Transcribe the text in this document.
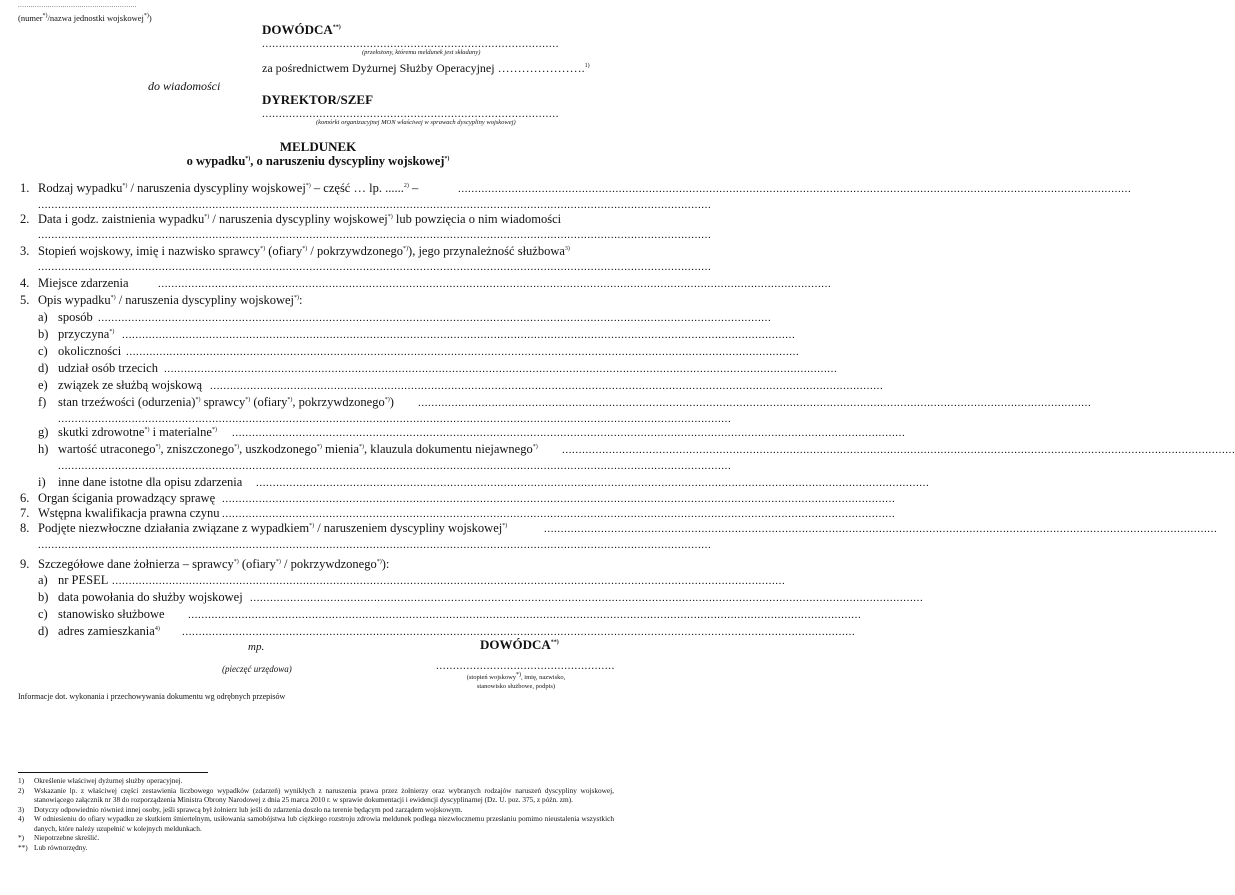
........................................................
(numer*)/nazwa jednostki wojskowej*))
DOWÓDCA**)
........................................................................................
(przełożony, któremu meldunek jest składany)
za pośrednictwem Dyżurnej Służby Operacyjnej ………………….$^{1)}$
do wiadomości
DYREKTOR/SZEF
........................................................................................
(komórki organizacyjnej MON właściwej w sprawach dyscypliny wojskowej)
MELDUNEK
o wypadku*), o naruszeniu dyscypliny wojskowej*)
1. Rodzaj wypadku*) / naruszenia dyscypliny wojskowej*) – część … lp. ......$^{2)}$ –	.........................................................................................................................................................................................................
.........................................................................................................................................................................................................
2. Data i godz. zaistnienia wypadku*) / naruszenia dyscypliny wojskowej*) lub powzięcia o nim wiadomości
.........................................................................................................................................................................................................
3. Stopień wojskowy, imię i nazwisko sprawcy*) (ofiary*) / pokrzywdzonego*)), jego przynależność służbowa$^{3)}$
.........................................................................................................................................................................................................
4. Miejsce zdarzenia	.........................................................................................................................................................................................................
5. Opis wypadku*) / naruszenia dyscypliny wojskowej*):
a) sposób .........................................................................................................................................................................................................
b) przyczyna*) .........................................................................................................................................................................................................
c) okoliczności .........................................................................................................................................................................................................
d) udział osób trzecich .........................................................................................................................................................................................................
e) związek ze służbą wojskową .........................................................................................................................................................................................................
f) stan trzeźwości (odurzenia)*) sprawcy*) (ofiary*), pokrzywdzonego*)) .........................................................................................................................................................................................................
.........................................................................................................................................................................................................
g) skutki zdrowotne*) i materialne*) .........................................................................................................................................................................................................
h) wartość utraconego*), zniszczonego*), uszkodzonego*) mienia*), klauzula dokumentu niejawnego*) .........................................................................................................................................................................................................
.........................................................................................................................................................................................................
i) inne dane istotne dla opisu zdarzenia .........................................................................................................................................................................................................
6. Organ ścigania prowadzący sprawę .........................................................................................................................................................................................................
7. Wstępna kwalifikacja prawna czynu .........................................................................................................................................................................................................
8. Podjęte niezwłoczne działania związane z wypadkiem*) / naruszeniem dyscypliny wojskowej*)	.........................................................................................................................................................................................................
.........................................................................................................................................................................................................
9. Szczegółowe dane żołnierza – sprawcy*) (ofiary*) / pokrzywdzonego*)):
a) nr PESEL .........................................................................................................................................................................................................
b) data powołania do służby wojskowej .........................................................................................................................................................................................................
c) stanowisko służbowe .........................................................................................................................................................................................................
d) adres zamieszkania$^{4)}$ .........................................................................................................................................................................................................
mp.	DOWÓDCA**)
(pieczęć urzędowa)	.....................................................
(stopień wojskowy*), imię, nazwisko,
stanowisko służbowe, podpis)
Informacje dot. wykonania i przechowywania dokumentu wg odrębnych przepisów
1) Określenie właściwej dyżurnej służby operacyjnej.
2) Wskazanie lp. z właściwej części zestawienia liczbowego wypadków (zdarzeń) wynikłych z naruszenia prawa przez żołnierzy oraz wybranych rodzajów naruszeń dyscypliny wojskowej, stanowiącego załącznik nr 38 do rozporządzenia Ministra Obrony Narodowej z dnia 25 marca 2010 r. w sprawie dokumentacji i ewidencji dyscyplinarnej (Dz. U. poz. 375, z późn. zm).
3) Dotyczy odpowiednio również innej osoby, jeśli sprawcą był żołnierz lub jeśli do zdarzenia doszło na terenie będącym pod zarządem wojskowym.
4) W odniesieniu do ofiary wypadku ze skutkiem śmiertelnym, usiłowania samobójstwa lub ciężkiego rozstroju zdrowia meldunek podlega niezwłocznemu przesłaniu pomimo nieustalenia wszystkich danych, które należy uzupełnić w kolejnych meldunkach.
*) Niepotrzebne skreślić.
**) Lub równorzędny.
